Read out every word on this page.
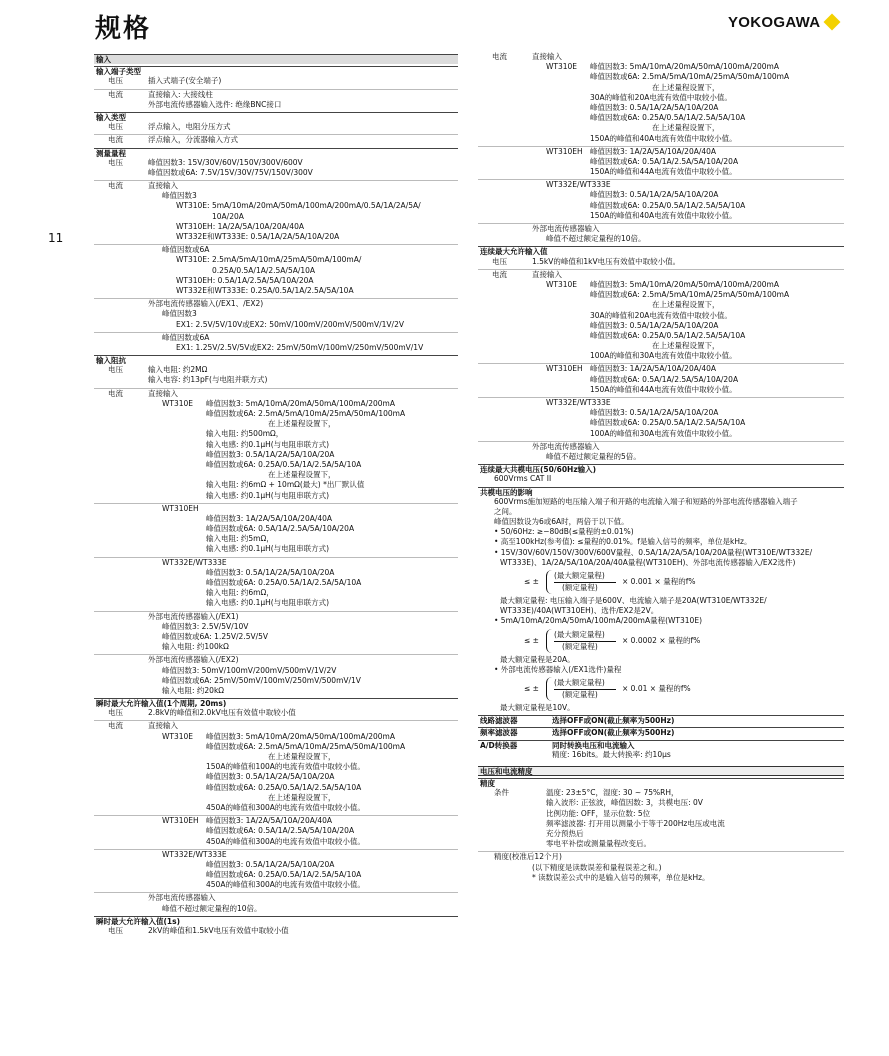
规格	YOKOGAWA
11
输入
输入端子类型
电压	插入式端子(安全端子)
电流	直接输入: 大接线柱
外部电流传感器输入选件: 绝缘BNC接口
输入类型
电压	浮点输入，电阻分压方式
电流	浮点输入，分流器输入方式
测量量程
电压	峰值因数3: 15V/30V/60V/150V/300V/600V
峰值因数或6A: 7.5V/15V/30V/75V/150V/300V
电流	直接输入
峰值因数3
WT310E: 5mA/10mA/20mA/50mA/100mA/200mA/0.5A/1A/2A/5A/
10A/20A
WT310EH: 1A/2A/5A/10A/20A/40A
WT332E和WT333E: 0.5A/1A/2A/5A/10A/20A
峰值因数或6A
WT310E: 2.5mA/5mA/10mA/25mA/50mA/100mA/
0.25A/0.5A/1A/2.5A/5A/10A
WT310EH: 0.5A/1A/2.5A/5A/10A/20A
WT332E和WT333E: 0.25A/0.5A/1A/2.5A/5A/10A
外部电流传感器输入(/EX1、/EX2)
峰值因数3
EX1: 2.5V/5V/10V或EX2: 50mV/100mV/200mV/500mV/1V/2V
峰值因数或6A
EX1: 1.25V/2.5V/5V或EX2: 25mV/50mV/100mV/250mV/500mV/1V
输入阻抗
电压	输入电阻: 约2MΩ
输入电容: 约13pF(与电阻并联方式)
电流	直接输入
WT310E 峰值因数3: 5mA/10mA/20mA/50mA/100mA/200mA
峰值因数或6A: 2.5mA/5mA/10mA/25mA/50mA/100mA
在上述量程设置下，
输入电阻: 约500mΩ，
输入电感: 约0.1μH(与电阻串联方式)
峰值因数3: 0.5A/1A/2A/5A/10A/20A
峰值因数或6A: 0.25A/0.5A/1A/2.5A/5A/10A
在上述量程设置下，
输入电阻: 约6mΩ + 10mΩ(最大) *出厂默认值
输入电感: 约0.1μH(与电阻串联方式)
WT310EH
峰值因数3: 1A/2A/5A/10A/20A/40A
峰值因数或6A: 0.5A/1A/2.5A/5A/10A/20A
输入电阻: 约5mΩ，
输入电感: 约0.1μH(与电阻串联方式)
WT332E/WT333E
峰值因数3: 0.5A/1A/2A/5A/10A/20A
峰值因数或6A: 0.25A/0.5A/1A/2.5A/5A/10A
输入电阻: 约6mΩ，
输入电感: 约0.1μH(与电阻串联方式)
外部电流传感器输入(/EX1)
峰值因数3: 2.5V/5V/10V
峰值因数或6A: 1.25V/2.5V/5V
输入电阻: 约100kΩ
外部电流传感器输入(/EX2)
峰值因数3: 50mV/100mV/200mV/500mV/1V/2V
峰值因数或6A: 25mV/50mV/100mV/250mV/500mV/1V
输入电阻: 约20kΩ
瞬时最大允许输入值(1个周期, 20ms)
电压	2.8kV的峰值和2.0kV电压有效值中取较小值
电流	直接输入
WT310E 峰值因数3: 5mA/10mA/20mA/50mA/100mA/200mA
峰值因数或6A: 2.5mA/5mA/10mA/25mA/50mA/100mA
在上述量程设置下，
150A的峰值和100A的电流有效值中取较小值。
峰值因数3: 0.5A/1A/2A/5A/10A/20A
峰值因数或6A: 0.25A/0.5A/1A/2.5A/5A/10A
在上述量程设置下，
450A的峰值和300A的电流有效值中取较小值。
WT310EH 峰值因数3: 1A/2A/5A/10A/20A/40A
峰值因数或6A: 0.5A/1A/2.5A/5A/10A/20A
450A的峰值和300A的电流有效值中取较小值。
WT332E/WT333E
峰值因数3: 0.5A/1A/2A/5A/10A/20A
峰值因数或6A: 0.25A/0.5A/1A/2.5A/5A/10A
450A的峰值和300A的电流有效值中取较小值。
外部电流传感器输入
峰值不超过额定量程的10倍。
瞬时最大允许输入值(1s)
电压	2kV的峰值和1.5kV电压有效值中取较小值
电流	直接输入
WT310E 峰值因数3: 5mA/10mA/20mA/50mA/100mA/200mA
峰值因数或6A: 2.5mA/5mA/10mA/25mA/50mA/100mA
在上述量程设置下，
30A的峰值和20A电流有效值中取较小值。
峰值因数3: 0.5A/1A/2A/5A/10A/20A
峰值因数或6A: 0.25A/0.5A/1A/2.5A/5A/10A
在上述量程设置下，
150A的峰值和40A电流有效值中取较小值。
WT310EH 峰值因数3: 1A/2A/5A/10A/20A/40A
峰值因数或6A: 0.5A/1A/2.5A/5A/10A/20A
150A的峰值和44A电流有效值中取较小值。
WT332E/WT333E
峰值因数3: 0.5A/1A/2A/5A/10A/20A
峰值因数或6A: 0.25A/0.5A/1A/2.5A/5A/10A
150A的峰值和40A电流有效值中取较小值。
外部电流传感器输入
峰值不超过额定量程的10倍。
连续最大允许输入值
电压	1.5kV的峰值和1kV电压有效值中取较小值。
电流	直接输入
WT310E 峰值因数3: 5mA/10mA/20mA/50mA/100mA/200mA
峰值因数或6A: 2.5mA/5mA/10mA/25mA/50mA/100mA
在上述量程设置下，
30A的峰值和20A电流有效值中取较小值。
峰值因数3: 0.5A/1A/2A/5A/10A/20A
峰值因数或6A: 0.25A/0.5A/1A/2.5A/5A/10A
在上述量程设置下，
100A的峰值和30A电流有效值中取较小值。
WT310EH 峰值因数3: 1A/2A/5A/10A/20A/40A
峰值因数或6A: 0.5A/1A/2.5A/5A/10A/20A
150A的峰值和44A电流有效值中取较小值。
WT332E/WT333E
峰值因数3: 0.5A/1A/2A/5A/10A/20A
峰值因数或6A: 0.25A/0.5A/1A/2.5A/5A/10A
100A的峰值和30A电流有效值中取较小值。
外部电流传感器输入
峰值不超过额定量程的5倍。
连续最大共模电压(50/60Hz输入)
600Vrms CAT II
共模电压的影响
600Vrms施加短路的电压输入端子和开路的电流输入端子和短路的外部电流传感器输入端子
之间。
峰值因数设为6或6A时，两倍于以下值。
• 50/60Hz: ≥−80dB(≤量程的±0.01%)
• 高至100kHz(参考值): ≤量程的0.01%。f是输入信号的频率，单位是kHz。
• 15V/30V/60V/150V/300V/600V量程、0.5A/1A/2A/5A/10A/20A量程(WT310E/WT332E/
WT333E)、1A/2A/5A/10A/20A/40A量程(WT310EH)、外部电流传感器输入/EX2选件)
≤ ±
(最大额定量程)
(额定量程)
× 0.001 × 量程的f%
最大额定量程: 电压输入端子是600V、电流输入端子是20A(WT310E/WT332E/
WT333E)/40A(WT310EH)、选件/EX2是2V。
• 5mA/10mA/20mA/50mA/100mA/200mA量程(WT310E)
≤ ±
(最大额定量程)
(额定量程)
× 0.0002 × 量程的f%
最大额定量程是20A。
• 外部电流传感器输入(/EX1选件)量程
≤ ±
(最大额定量程)
(额定量程)
× 0.01 × 量程的f%
最大额定量程是10V。
线路滤波器	选择OFF或ON(截止频率为500Hz)
频率滤波器	选择OFF或ON(截止频率为500Hz)
A/D转换器	同时转换电压和电流输入
精度: 16bits。最大转换率: 约10μs
电压和电流精度
精度
条件	温度: 23±5°C，湿度: 30 ~ 75%RH，
输入波形: 正弦波，峰值因数: 3，共模电压: 0V
比例功能: OFF，显示位数: 5位
频率滤波器: 打开用以测量小于等于200Hz电压或电流
充分预热后
零电平补偿或测量量程改变后。
精度(校准后12个月)
(以下精度是读数误差和量程误差之和。)
* 读数误差公式中的是输入信号的频率，单位是kHz。
